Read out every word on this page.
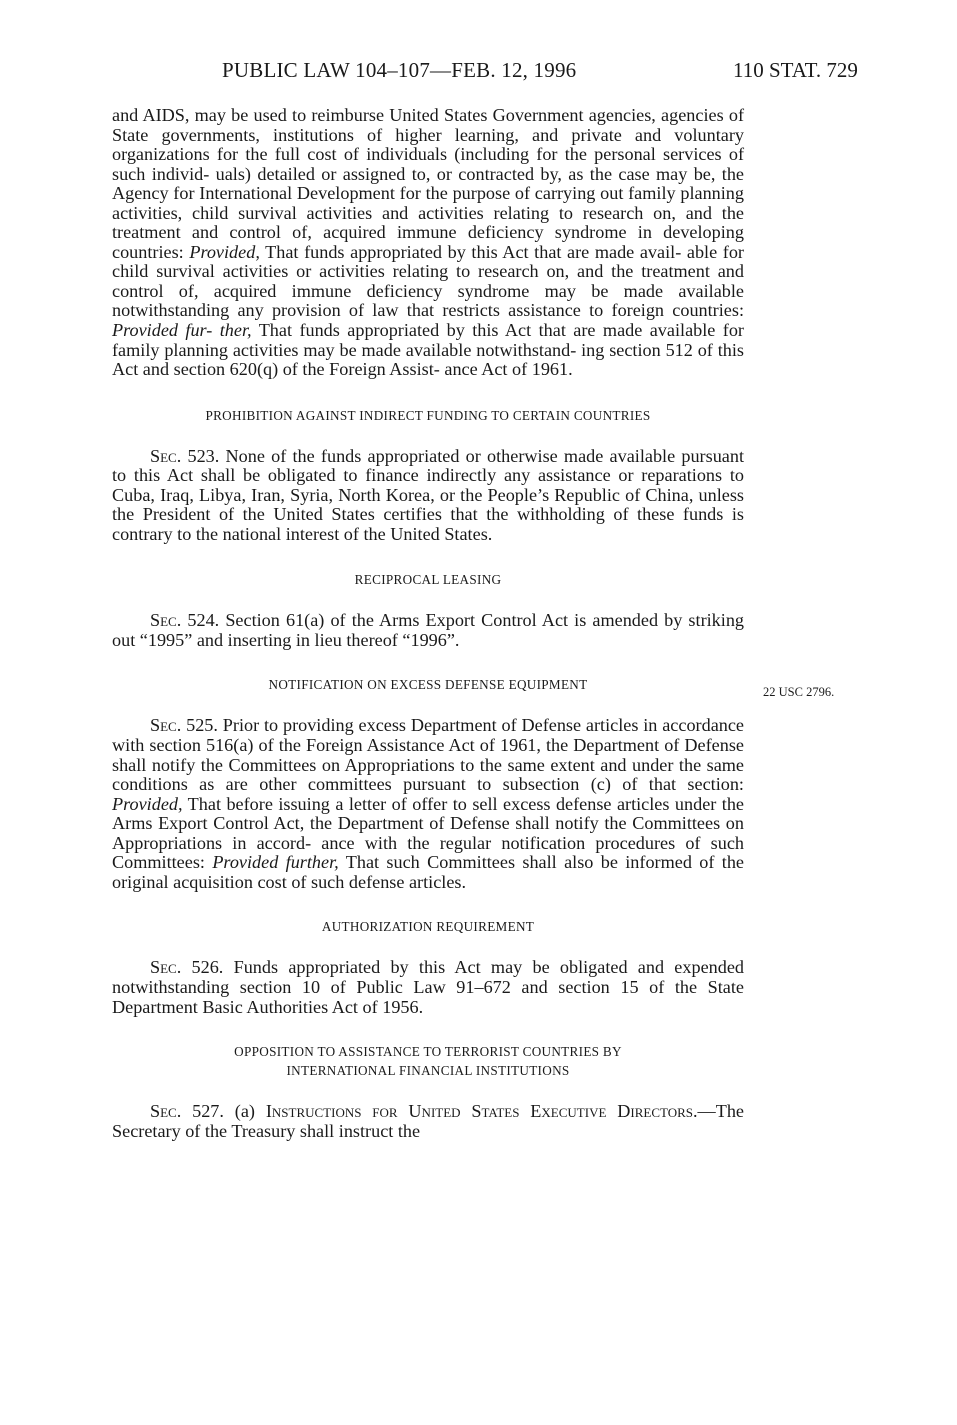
PUBLIC LAW 104–107—FEB. 12, 1996	110 STAT. 729

and AIDS, may be used to reimburse United States Government agencies, agencies of State governments, institutions of higher learning, and private and voluntary organizations for the full cost of individuals (including for the personal services of such individ- uals) detailed or assigned to, or contracted by, as the case may be, the Agency for International Development for the purpose of carrying out family planning activities, child survival activities and activities relating to research on, and the treatment and control of, acquired immune deficiency syndrome in developing countries: Provided, That funds appropriated by this Act that are made avail- able for child survival activities or activities relating to research on, and the treatment and control of, acquired immune deficiency syndrome may be made available notwithstanding any provision of law that restricts assistance to foreign countries: Provided fur- ther, That funds appropriated by this Act that are made available for family planning activities may be made available notwithstand- ing section 512 of this Act and section 620(q) of the Foreign Assist- ance Act of 1961.

PROHIBITION AGAINST INDIRECT FUNDING TO CERTAIN COUNTRIES

Sec. 523. None of the funds appropriated or otherwise made available pursuant to this Act shall be obligated to finance indirectly any assistance or reparations to Cuba, Iraq, Libya, Iran, Syria, North Korea, or the People’s Republic of China, unless the President of the United States certifies that the withholding of these funds is contrary to the national interest of the United States.

RECIPROCAL LEASING

Sec. 524. Section 61(a) of the Arms Export Control Act is amended by striking out “1995” and inserting in lieu thereof “1996”.

NOTIFICATION ON EXCESS DEFENSE EQUIPMENT

Sec. 525. Prior to providing excess Department of Defense articles in accordance with section 516(a) of the Foreign Assistance Act of 1961, the Department of Defense shall notify the Committees on Appropriations to the same extent and under the same conditions as are other committees pursuant to subsection (c) of that section: Provided, That before issuing a letter of offer to sell excess defense articles under the Arms Export Control Act, the Department of Defense shall notify the Committees on Appropriations in accord- ance with the regular notification procedures of such Committees: Provided further, That such Committees shall also be informed of the original acquisition cost of such defense articles.

AUTHORIZATION REQUIREMENT

Sec. 526. Funds appropriated by this Act may be obligated and expended notwithstanding section 10 of Public Law 91–672 and section 15 of the State Department Basic Authorities Act of 1956.

OPPOSITION TO ASSISTANCE TO TERRORIST COUNTRIES BY
INTERNATIONAL FINANCIAL INSTITUTIONS

Sec. 527. (a) Instructions for United States Executive Directors.—The Secretary of the Treasury shall instruct the

22 USC 2796.
